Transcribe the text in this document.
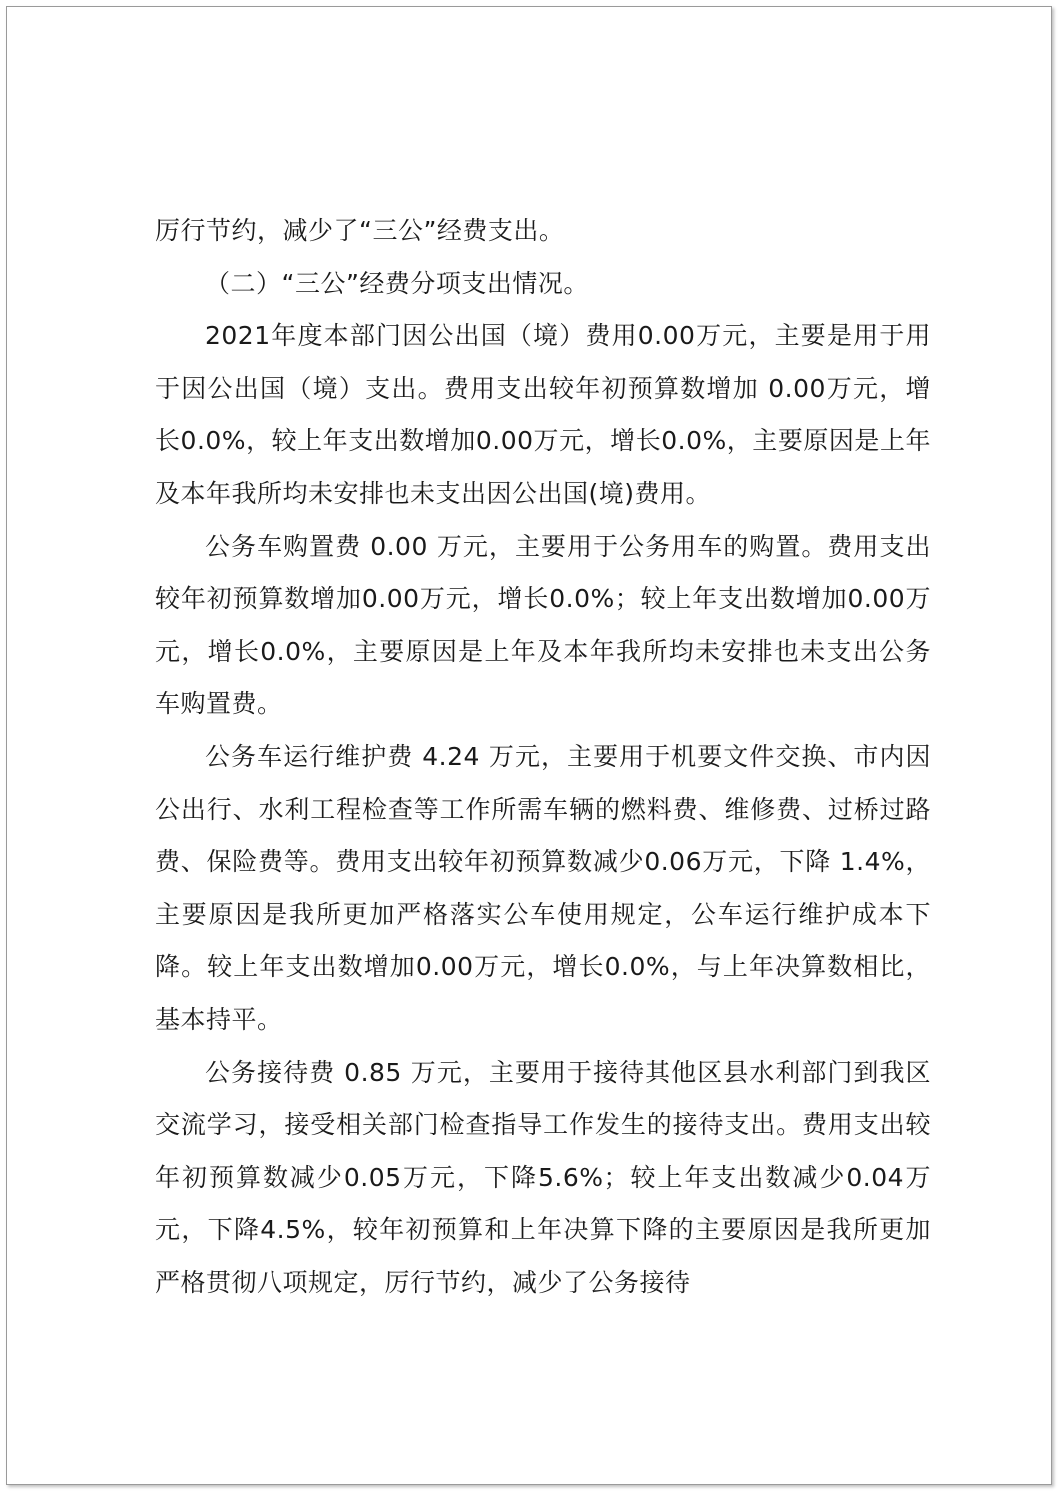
厉行节约，减少了“三公”经费支出。

（二）“三公”经费分项支出情况。

2021年度本部门因公出国（境）费用0.00万元，主要是用于用于因公出国（境）支出。费用支出较年初预算数增加 0.00万元，增长0.0%，较上年支出数增加0.00万元，增长0.0%，主要原因是上年及本年我所均未安排也未支出因公出国(境)费用。

公务车购置费 0.00 万元，主要用于公务用车的购置。费用支出较年初预算数增加0.00万元，增长0.0%；较上年支出数增加0.00万元，增长0.0%，主要原因是上年及本年我所均未安排也未支出公务车购置费。

公务车运行维护费 4.24 万元，主要用于机要文件交换、市内因公出行、水利工程检查等工作所需车辆的燃料费、维修费、过桥过路费、保险费等。费用支出较年初预算数减少0.06万元，下降 1.4%，主要原因是我所更加严格落实公车使用规定，公车运行维护成本下降。较上年支出数增加0.00万元，增长0.0%，与上年决算数相比，基本持平。

公务接待费 0.85 万元，主要用于接待其他区县水利部门到我区交流学习，接受相关部门检查指导工作发生的接待支出。费用支出较年初预算数减少0.05万元，下降5.6%；较上年支出数减少0.04万元，下降4.5%，较年初预算和上年决算下降的主要原因是我所更加严格贯彻八项规定，厉行节约，减少了公务接待
